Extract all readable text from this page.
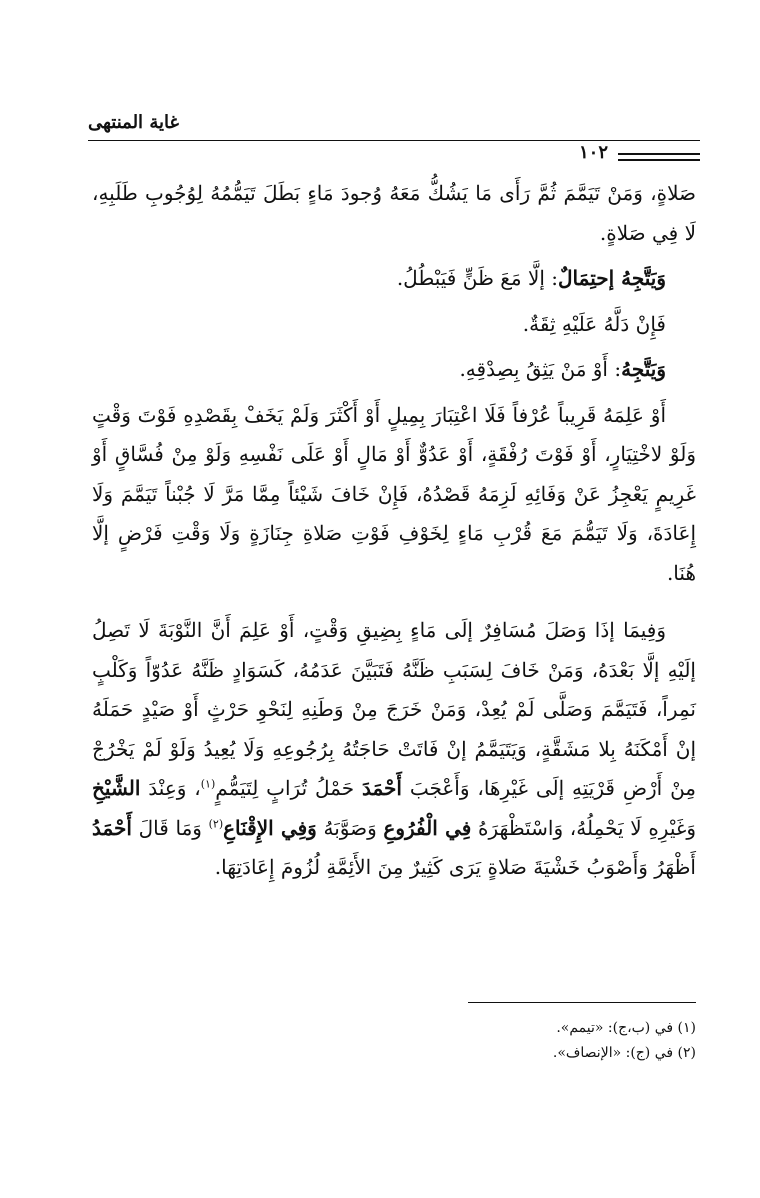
غاية المنتهى
١٠٢

صَلاةٍ، وَمَنْ تَيَمَّمَ ثُمَّ رَأَى مَا يَشُكُّ مَعَهُ وُجودَ مَاءٍ بَطَلَ تَيَمُّمُهُ لِوُجُوبِ طَلَبِهِ، لَا فِي صَلاةٍ.

وَيَتَّجِهُ إحتِمَالٌ: إلَّا مَعَ ظَنٍّ فَيَبْطُلُ.

فَإِنْ دَلَّهُ عَلَيْهِ ثِقَةٌ.

وَيَتَّجِهُ: أَوْ مَنْ يَثِقُ بِصِدْقِهِ.

أَوْ عَلِمَهُ قَرِيباً عُرْفاً فَلَا اعْتِبَارَ بِمِيلٍ أَوْ أَكْثَرَ وَلَمْ يَخَفْ بِقَصْدِهِ فَوْتَ وَقْتٍ وَلَوْ لاخْتِيَارٍ، أَوْ فَوْتَ رُفْقَةٍ، أَوْ عَدُوٌّ أَوْ مَالٍ أَوْ عَلَى نَفْسِهِ وَلَوْ مِنْ فُسَّاقٍ أَوْ غَرِيمٍ يَعْجِزُ عَنْ وَفَائِهِ لَزِمَهُ قَصْدُهُ، فَإِنْ خَافَ شَيْئاً مِمَّا مَرَّ لَا جُبْناً تَيَمَّمَ وَلَا إِعَادَةَ، وَلَا تَيَمُّمَ مَعَ قُرْبِ مَاءٍ لِخَوْفِ فَوْتِ صَلاةِ جِنَازَةٍ وَلَا وَقْتِ فَرْضٍ إلَّا هُنَا.

وَفِيمَا إذَا وَصَلَ مُسَافِرٌ إلَى مَاءٍ بِضِيقِ وَقْتٍ، أَوْ عَلِمَ أَنَّ النَّوْبَةَ لَا تَصِلُ إلَيْهِ إلَّا بَعْدَهُ، وَمَنْ خَافَ لِسَبَبِ ظَنَّهُ فَتَبَيَّنَ عَدَمُهُ، كَسَوَادٍ ظَنَّهُ عَدُوّاً وَكَلْبٍ نَمِراً، فَتَيَمَّمَ وَصَلَّى لَمْ يُعِدْ، وَمَنْ خَرَجَ مِنْ وَطَنِهِ لِنَحْوِ حَرْثٍ أَوْ صَيْدٍ حَمَلَهُ إنْ أَمْكَنَهُ بِلا مَشَقَّةٍ، وَيَتَيَمَّمُ إنْ فَاتَتْ حَاجَتُهُ بِرُجُوعِهِ وَلَا يُعِيدُ وَلَوْ لَمْ يَخْرُجْ مِنْ أَرْضِ قَرْيَتِهِ إلَى غَيْرِهَا، وَأَعْجَبَ أَحْمَدَ حَمْلُ تُرَابٍ لِتَيَمُّمٍ$^{(١)}$، وَعِنْدَ الشَّيْخِ وَغَيْرِهِ لَا يَحْمِلُهُ، وَاسْتَظْهَرَهُ فِي الْفُرُوعِ وَصَوَّبَهُ وَفِي الإِقْنَاعِ$^{(٢)}$ وَمَا قَالَ أَحْمَدُ أَظْهَرُ وَأَصْوَبُ خَشْيَةَ صَلاةٍ يَرَى كَثِيرٌ مِنَ الأَئِمَّةِ لُزُومَ إِعَادَتِهَا.

(١) في (ب،ج): «تيمم».

(٢) في (ج): «الإنصاف».
